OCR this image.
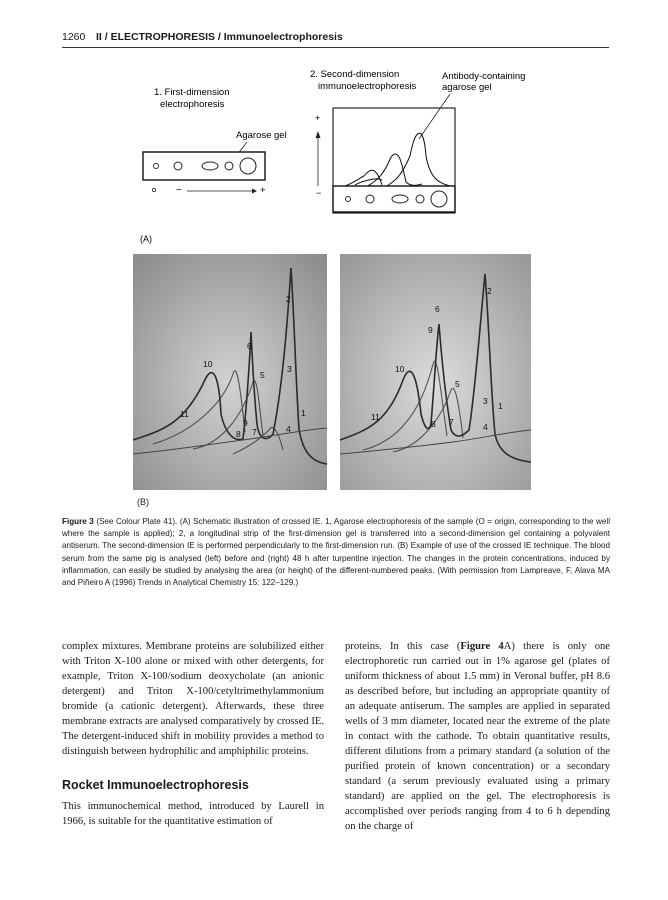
1260 II / ELECTROPHORESIS / Immunoelectrophoresis
1. First-dimension electrophoresis
2. Second-dimension immunoelectrophoresis
Antibody-containing agarose gel
Agarose gel
−	+
+
−
(A)
2
6
10
5
3
11	1
9
8 7	4
2
6
9
10
5
3 1
11
8 7	4
(B)
Figure 3 (See Colour Plate 41). (A) Schematic illustration of crossed IE. 1, Agarose electrophoresis of the sample (O = origin, corresponding to the well where the sample is applied); 2, a longitudinal strip of the first-dimension gel is transferred into a second-dimension gel containing a polyvalent antiserum. The second-dimension IE is performed perpendicularly to the first-dimension run. (B) Example of use of the crossed IE technique. The blood serum from the same pig is analysed (left) before and (right) 48 h after turpentine injection. The changes in the protein concentrations, induced by inflammation, can easily be studied by analysing the area (or height) of the different-numbered peaks. (With permission from Lampreave, F, Alava MA and Piñeiro A (1996) Trends in Analytical Chemistry 15: 122–129.)

complex mixtures. Membrane proteins are solubilized either with Triton X-100 alone or mixed with other detergents, for example, Triton X-100/sodium deoxycholate (an anionic detergent) and Triton X-100/cetyltrimethylammonium bromide (a cationic detergent). Afterwards, these three membrane extracts are analysed comparatively by crossed IE. The detergent-induced shift in mobility provides a method to distinguish between hydrophilic and amphiphilic proteins.

Rocket Immunoelectrophoresis

This immunochemical method, introduced by Laurell in 1966, is suitable for the quantitative estimation of

proteins. In this case (Figure 4A) there is only one electrophoretic run carried out in 1% agarose gel (plates of uniform thickness of about 1.5 mm) in Veronal buffer, pH 8.6 as described before, but including an appropriate quantity of an adequate antiserum. The samples are applied in separated wells of 3 mm diameter, located near the extreme of the plate in contact with the cathode. To obtain quantitative results, different dilutions from a primary standard (a solution of the purified protein of known concentration) or a secondary standard (a serum previously evaluated using a primary standard) are applied on the gel. The electrophoresis is accomplished over periods ranging from 4 to 6 h depending on the charge of
